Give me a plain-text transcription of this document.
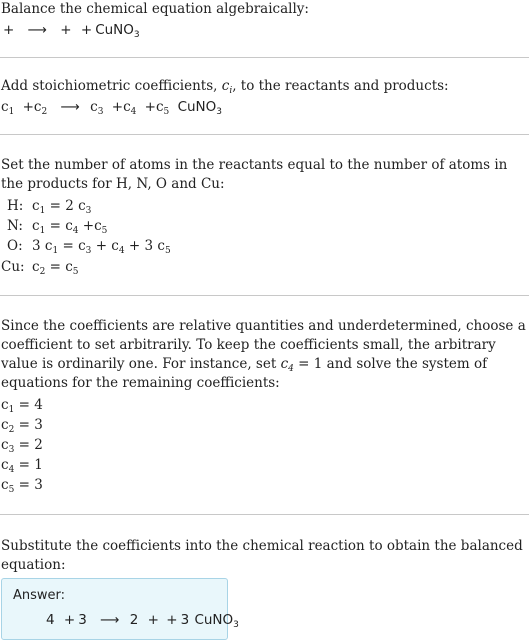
Balance the chemical equation algebraically:
+ ⟶ + + CuNO$_3$
Add stoichiometric coefficients, $c_i$, to the reactants and products:
$c_1 +c_2$ ⟶ $c_3 +c_4 +c_5$ CuNO$_3$
Set the number of atoms in the reactants equal to the number of atoms in the products for H, N, O and Cu:
H: $c_1 = 2$ $c_3$
N: $c_1 = c_4 +c_5$
O: 3 $c_1 = c_3 + c_4 + 3$ $c_5$
Cu: $c_2 = c_5$
Since the coefficients are relative quantities and underdetermined, choose a coefficient to set arbitrarily. To keep the coefficients small, the arbitrary value is ordinarily one. For instance, set $c_4 = 1$ and solve the system of equations for the remaining coefficients:
$c_1 = 4$
$c_2 = 3$
$c_3 = 2$
$c_4 = 1$
$c_5 = 3$
Substitute the coefficients into the chemical reaction to obtain the balanced equation:
Answer:
4 + 3 ⟶ 2 + + 3 CuNO$_3$
